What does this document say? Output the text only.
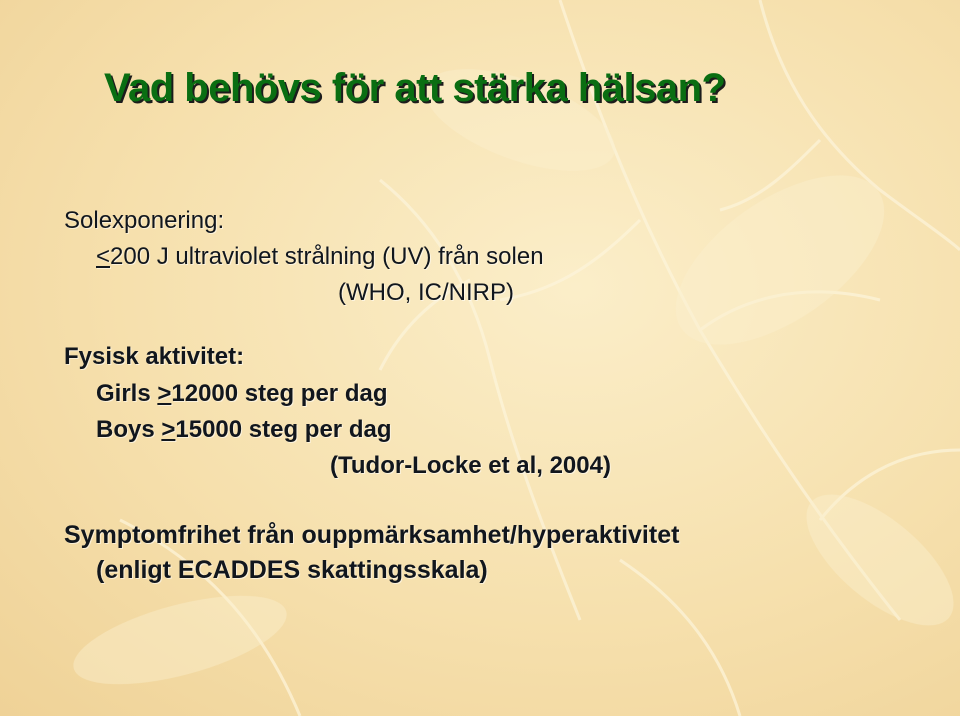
Vad behövs för att stärka hälsan?
Solexponering:
<200 J ultraviolet strålning (UV) från solen
(WHO, IC/NIRP)
Fysisk aktivitet:
Girls >12000 steg per dag
Boys >15000 steg per dag
(Tudor-Locke et al, 2004)
Symptomfrihet från ouppmärksamhet/hyperaktivitet
(enligt ECADDES skattingsskala)
